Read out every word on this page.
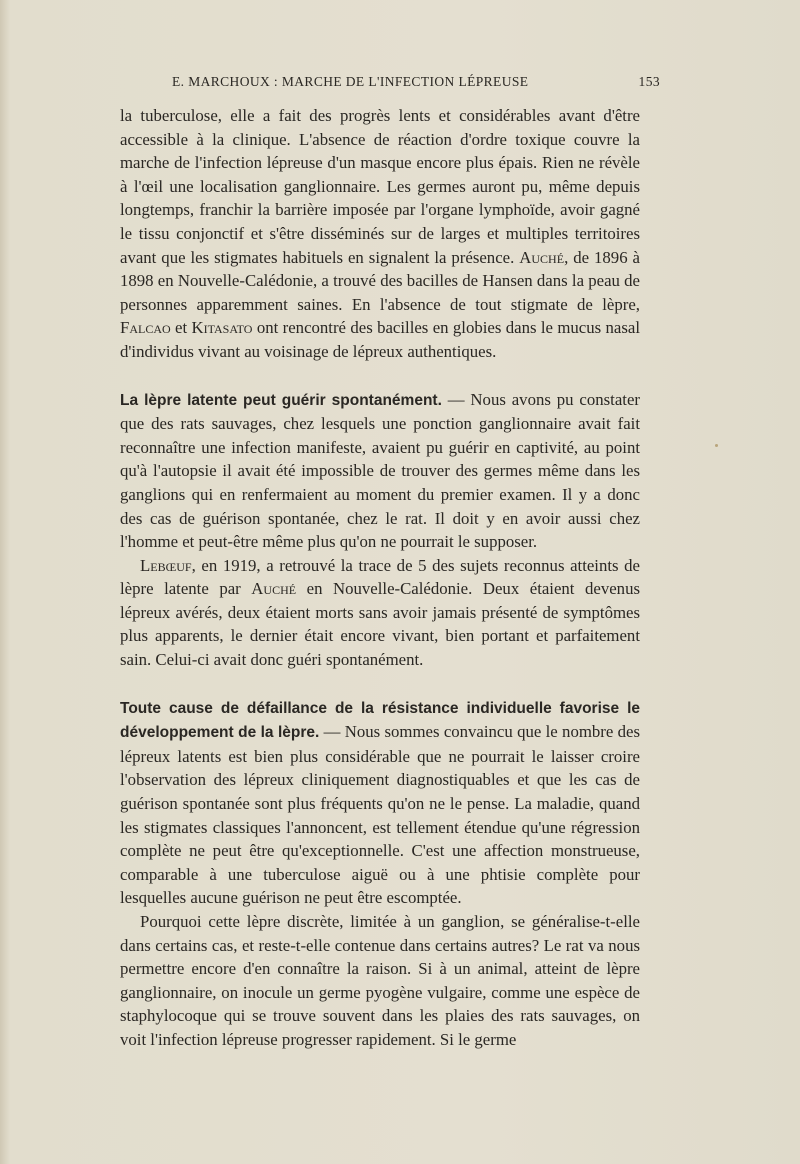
E. MARCHOUX : MARCHE DE L'INFECTION LÉPREUSE	153

la tuberculose, elle a fait des progrès lents et considérables avant d'être accessible à la clinique. L'absence de réaction d'ordre toxique couvre la marche de l'infection lépreuse d'un masque encore plus épais. Rien ne révèle à l'œil une localisation ganglionnaire. Les germes auront pu, même depuis longtemps, franchir la barrière imposée par l'organe lymphoïde, avoir gagné le tissu conjonctif et s'être disséminés sur de larges et multiples territoires avant que les stigmates habituels en signalent la présence. Auché, de 1896 à 1898 en Nouvelle-Calédonie, a trouvé des bacilles de Hansen dans la peau de personnes apparemment saines. En l'absence de tout stigmate de lèpre, Falcao et Kitasato ont rencontré des bacilles en globies dans le mucus nasal d'individus vivant au voisinage de lépreux authentiques.

La lèpre latente peut guérir spontanément. — Nous avons pu constater que des rats sauvages, chez lesquels une ponction ganglionnaire avait fait reconnaître une infection manifeste, avaient pu guérir en captivité, au point qu'à l'autopsie il avait été impossible de trouver des germes même dans les ganglions qui en renfermaient au moment du premier examen. Il y a donc des cas de guérison spontanée, chez le rat. Il doit y en avoir aussi chez l'homme et peut-être même plus qu'on ne pourrait le supposer.

Lebœuf, en 1919, a retrouvé la trace de 5 des sujets reconnus atteints de lèpre latente par Auché en Nouvelle-Calédonie. Deux étaient devenus lépreux avérés, deux étaient morts sans avoir jamais présenté de symptômes plus apparents, le dernier était encore vivant, bien portant et parfaitement sain. Celui-ci avait donc guéri spontanément.

Toute cause de défaillance de la résistance individuelle favorise le développement de la lèpre. — Nous sommes convaincu que le nombre des lépreux latents est bien plus considérable que ne pourrait le laisser croire l'observation des lépreux cliniquement diagnostiquables et que les cas de guérison spontanée sont plus fréquents qu'on ne le pense. La maladie, quand les stigmates classiques l'annoncent, est tellement étendue qu'une régression complète ne peut être qu'exceptionnelle. C'est une affection monstrueuse, comparable à une tuberculose aiguë ou à une phtisie complète pour lesquelles aucune guérison ne peut être escomptée.

Pourquoi cette lèpre discrète, limitée à un ganglion, se généralise-t-elle dans certains cas, et reste-t-elle contenue dans certains autres? Le rat va nous permettre encore d'en connaître la raison. Si à un animal, atteint de lèpre ganglionnaire, on inocule un germe pyogène vulgaire, comme une espèce de staphylocoque qui se trouve souvent dans les plaies des rats sauvages, on voit l'infection lépreuse progresser rapidement. Si le germe
